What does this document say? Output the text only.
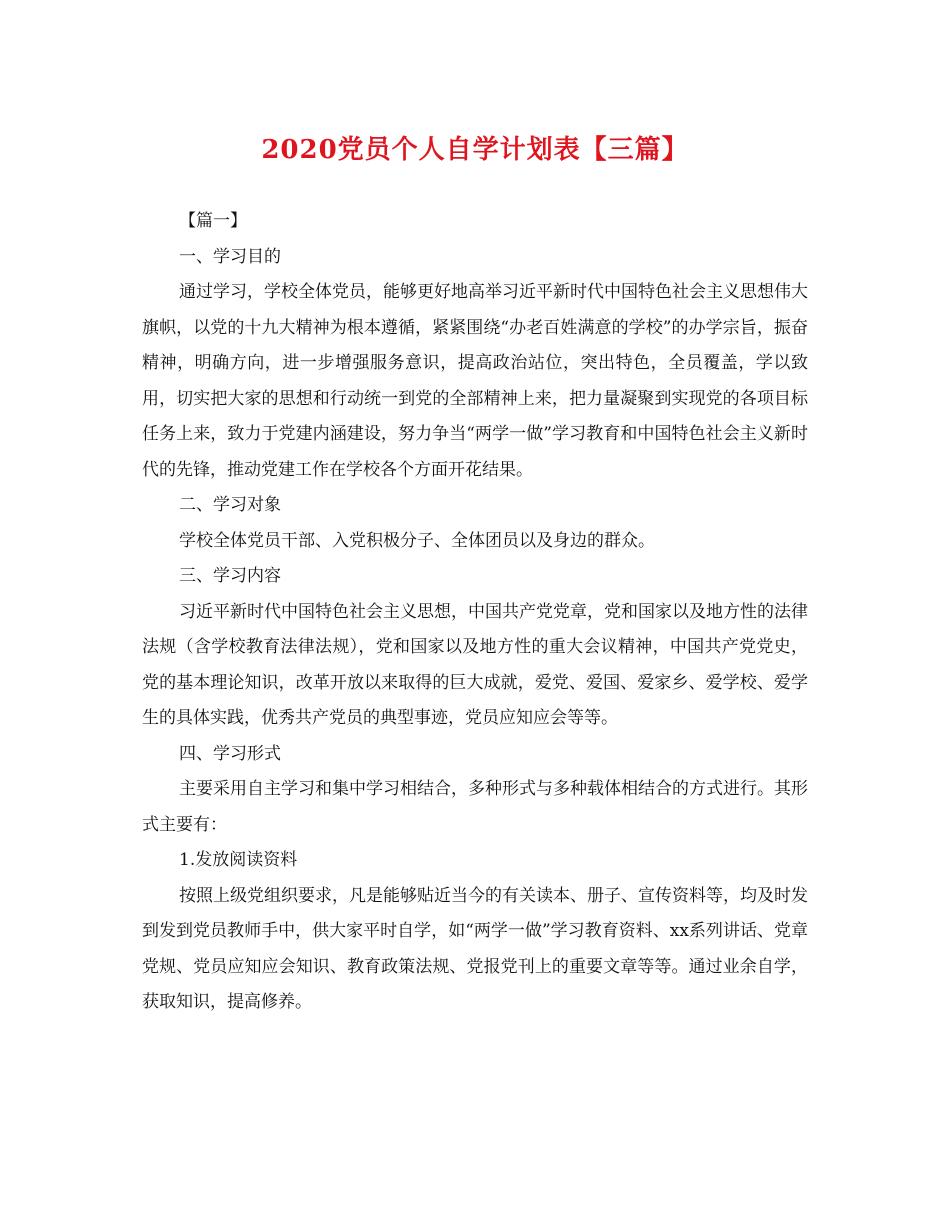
2020党员个人自学计划表【三篇】

【篇一】

一、学习目的

通过学习，学校全体党员，能够更好地高举习近平新时代中国特色社会主义思想伟大旗帜，以党的十九大精神为根本遵循，紧紧围绕“办老百姓满意的学校”的办学宗旨，振奋精神，明确方向，进一步增强服务意识，提高政治站位，突出特色，全员覆盖，学以致用，切实把大家的思想和行动统一到党的全部精神上来，把力量凝聚到实现党的各项目标任务上来，致力于党建内涵建设，努力争当“两学一做”学习教育和中国特色社会主义新时代的先锋，推动党建工作在学校各个方面开花结果。

二、学习对象

学校全体党员干部、入党积极分子、全体团员以及身边的群众。

三、学习内容

习近平新时代中国特色社会主义思想，中国共产党党章，党和国家以及地方性的法律法规（含学校教育法律法规），党和国家以及地方性的重大会议精神，中国共产党党史，党的基本理论知识，改革开放以来取得的巨大成就，爱党、爱国、爱家乡、爱学校、爱学生的具体实践，优秀共产党员的典型事迹，党员应知应会等等。

四、学习形式

主要采用自主学习和集中学习相结合，多种形式与多种载体相结合的方式进行。其形式主要有：

1.发放阅读资料

按照上级党组织要求，凡是能够贴近当今的有关读本、册子、宣传资料等，均及时发到发到党员教师手中，供大家平时自学，如“两学一做”学习教育资料、xx系列讲话、党章党规、党员应知应会知识、教育政策法规、党报党刊上的重要文章等等。通过业余自学，获取知识，提高修养。
